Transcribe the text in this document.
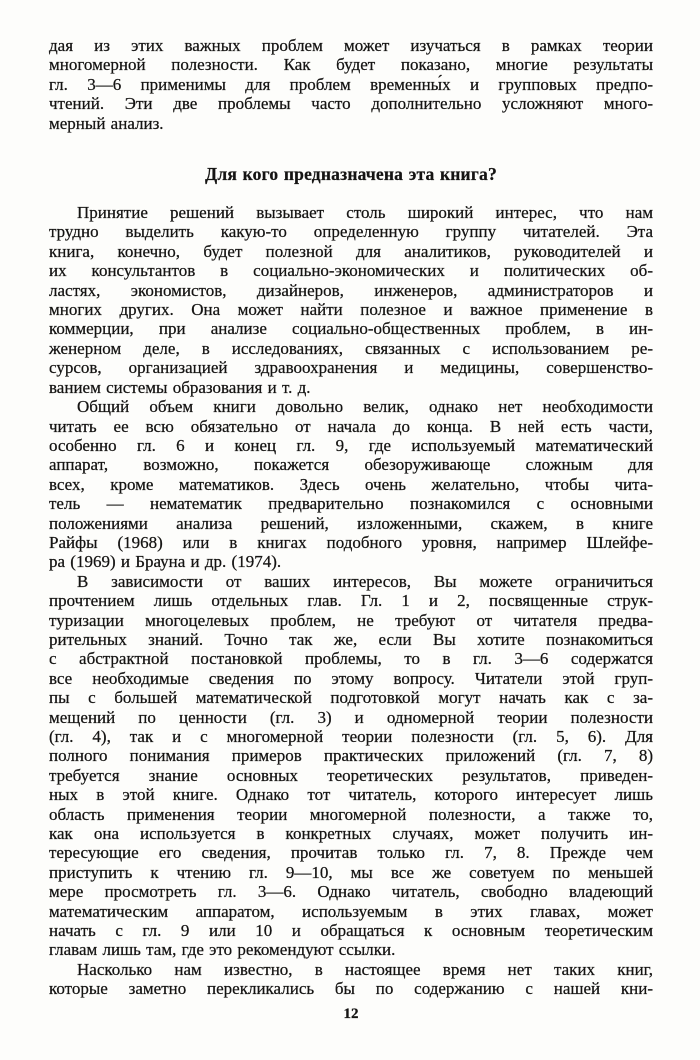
дая из этих важных проблем может изучаться в рамках теории
многомерной полезности. Как будет показано, многие результаты
гл. 3—6 применимы для проблем временны́х и групповых предпо-
чтений. Эти две проблемы часто дополнительно усложняют много-
мерный анализ.
Для кого предназначена эта книга?
Принятие решений вызывает столь широкий интерес, что нам
трудно выделить какую-то определенную группу читателей. Эта
книга, конечно, будет полезной для аналитиков, руководителей и
их консультантов в социально-экономических и политических об-
ластях, экономистов, дизайнеров, инженеров, администраторов и
многих других. Она может найти полезное и важное применение в
коммерции, при анализе социально-общественных проблем, в ин-
женерном деле, в исследованиях, связанных с использованием ре-
сурсов, организацией здравоохранения и медицины, совершенство-
ванием системы образования и т. д.
Общий объем книги довольно велик, однако нет необходимости
читать ее всю обязательно от начала до конца. В ней есть части,
особенно гл. 6 и конец гл. 9, где используемый математический
аппарат, возможно, покажется обезоруживающе сложным для
всех, кроме математиков. Здесь очень желательно, чтобы чита-
тель — нематематик предварительно познакомился с основными
положениями анализа решений, изложенными, скажем, в книге
Райфы (1968) или в книгах подобного уровня, например Шлейфе-
ра (1969) и Брауна и др. (1974).
В зависимости от ваших интересов, Вы можете ограничиться
прочтением лишь отдельных глав. Гл. 1 и 2, посвященные струк-
туризации многоцелевых проблем, не требуют от читателя предва-
рительных знаний. Точно так же, если Вы хотите познакомиться
с абстрактной постановкой проблемы, то в гл. 3—6 содержатся
все необходимые сведения по этому вопросу. Читатели этой груп-
пы с большей математической подготовкой могут начать как с за-
мещений по ценности (гл. 3) и одномерной теории полезности
(гл. 4), так и с многомерной теории полезности (гл. 5, 6). Для
полного понимания примеров практических приложений (гл. 7, 8)
требуется знание основных теоретических результатов, приведен-
ных в этой книге. Однако тот читатель, которого интересует лишь
область применения теории многомерной полезности, а также то,
как она используется в конкретных случаях, может получить ин-
тересующие его сведения, прочитав только гл. 7, 8. Прежде чем
приступить к чтению гл. 9—10, мы все же советуем по меньшей
мере просмотреть гл. 3—6. Однако читатель, свободно владеющий
математическим аппаратом, используемым в этих главах, может
начать с гл. 9 или 10 и обращаться к основным теоретическим
главам лишь там, где это рекомендуют ссылки.
Насколько нам известно, в настоящее время нет таких книг,
которые заметно перекликались бы по содержанию с нашей кни-
12
